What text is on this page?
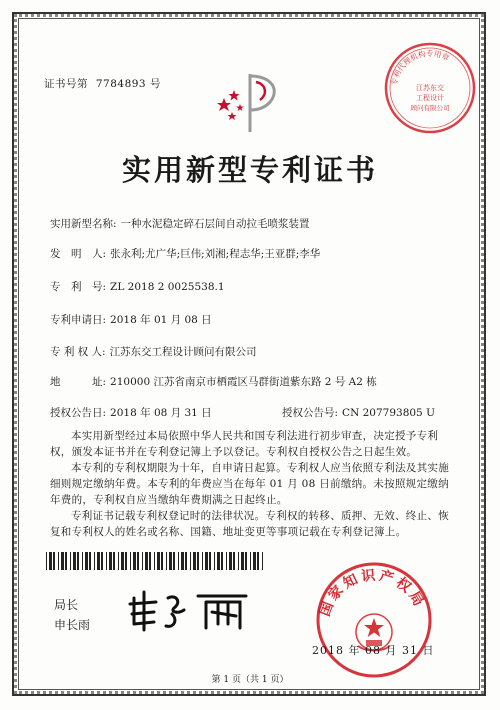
证书号第 7784893 号	专利代理机构专用章
江苏东交
工程设计
顾问有限公司
实用新型专利证书
实用新型名称: 一种水泥稳定碎石层间自动拉毛喷浆装置
发　明　人: 张永利;尤广华;巨伟;刘湘;程志华;王亚群;李华
专　利　号: ZL 2018 2 0025538.1
专利申请日: 2018 年 01 月 08 日
专 利 权 人: 江苏东交工程设计顾问有限公司
地　　　址: 210000 江苏省南京市栖霞区马群街道紫东路 2 号 A2 栋
授权公告日: 2018 年 08 月 31 日	授权公告号: CN 207793805 U
本实用新型经过本局依照中华人民共和国专利法进行初步审查，决定授予专利权，颁发本证书并在专利登记簿上予以登记。专利权自授权公告之日起生效。
本专利的专利权期限为十年，自申请日起算。专利权人应当依照专利法及其实施细则规定缴纳年费。本专利的年费应当在每年 01 月 08 日前缴纳。未按照规定缴纳年费的，专利权自应当缴纳年费期满之日起终止。
专利证书记载专利权登记时的法律状况。专利权的转移、质押、无效、终止、恢复和专利权人的姓名或名称、国籍、地址变更等事项记载在专利登记簿上。
局长
申长雨
国家知识产权局
2018 年 08 月 31 日
第 1 页（共 1 页）
